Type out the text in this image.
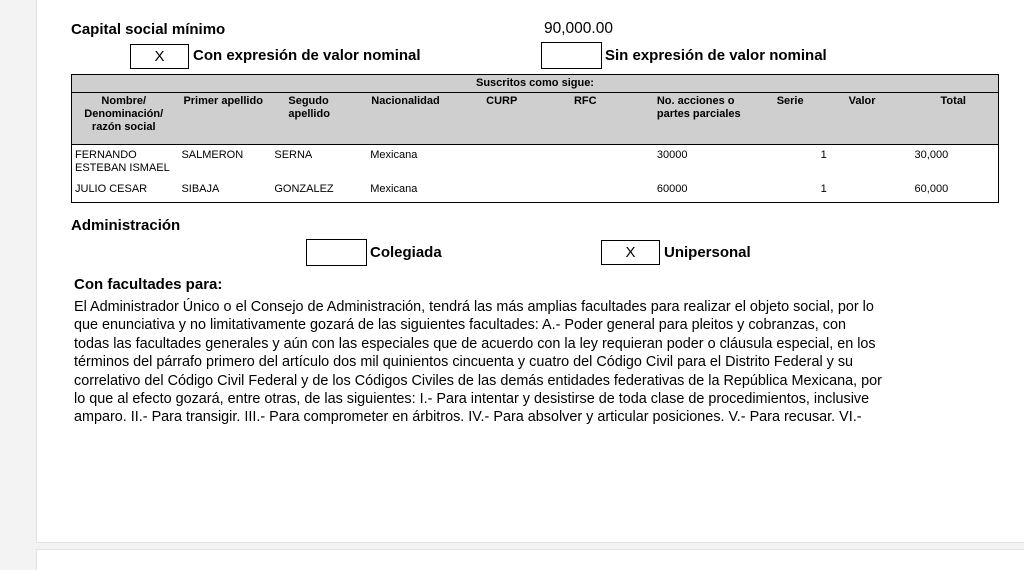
Capital social mínimo	90,000.00
X	Con expresión de valor nominal	Sin expresión de valor nominal
Suscritos como sigue:									
Nombre/ Denominación/ razón social	Primer apellido	Segudo apellido	Nacionalidad	CURP	RFC	No. acciones o partes parciales	Serie	Valor	Total
FERNANDO ESTEBAN ISMAEL	SALMERON	SERNA	Mexicana			30000		1	30,000
JULIO CESAR	SIBAJA	GONZALEZ	Mexicana			60000		1	60,000
Administración
Colegiada	X	Unipersonal
Con facultades para:
El Administrador Único o el Consejo de Administración, tendrá las más amplias facultades para realizar el objeto social, por lo
que enunciativa y no limitativamente gozará de las siguientes facultades: A.- Poder general para pleitos y cobranzas, con
todas las facultades generales y aún con las especiales que de acuerdo con la ley requieran poder o cláusula especial, en los
términos del párrafo primero del artículo dos mil quinientos cincuenta y cuatro del Código Civil para el Distrito Federal y su
correlativo del Código Civil Federal y de los Códigos Civiles de las demás entidades federativas de la República Mexicana, por
lo que al efecto gozará, entre otras, de las siguientes: I.- Para intentar y desistirse de toda clase de procedimientos, inclusive
amparo. II.- Para transigir. III.- Para comprometer en árbitros. IV.- Para absolver y articular posiciones. V.- Para recusar. VI.-
